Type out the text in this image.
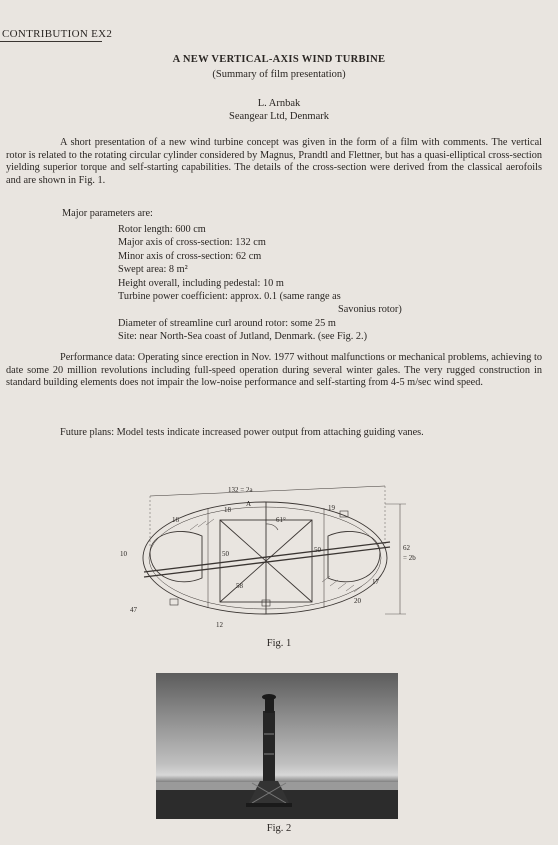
CONTRIBUTION EX2
A NEW VERTICAL-AXIS WIND TURBINE
(Summary of film presentation)
L. Arnbak
Seangear Ltd, Denmark
A short presentation of a new wind turbine concept was given in the form of a film with comments. The vertical rotor is related to the rotating circular cylinder considered by Magnus, Prandtl and Flettner, but has a quasi-elliptical cross-section yielding superior torque and self-starting capabilities. The details of the cross-section were derived from the classical aerofoils and are shown in Fig. 1.
Major parameters are:
Rotor length: 600 cm
Major axis of cross-section: 132 cm
Minor axis of cross-section: 62 cm
Swept area: 8 m²
Height overall, including pedestal: 10 m
Turbine power coefficient: approx. 0.1 (same range as
Savonius rotor)
Diameter of streamline curl around rotor: some 25 m
Site: near North-Sea coast of Jutland, Denmark. (see Fig. 2.)
Performance data: Operating since erection in Nov. 1977 without malfunctions or mechanical problems, achieving to date some 20 million revolutions including full-speed operation during several winter gales. The very rugged construction in standard building elements does not impair the low-noise performance and self-starting from 4-5 m/sec wind speed.
Future plans: Model tests indicate increased power output from attaching guiding vanes.
132 = 2a
62
= 2b
61°
16
18
A	19
10
47
12
17
20
50	50
58
Fig. 1
Fig. 2
